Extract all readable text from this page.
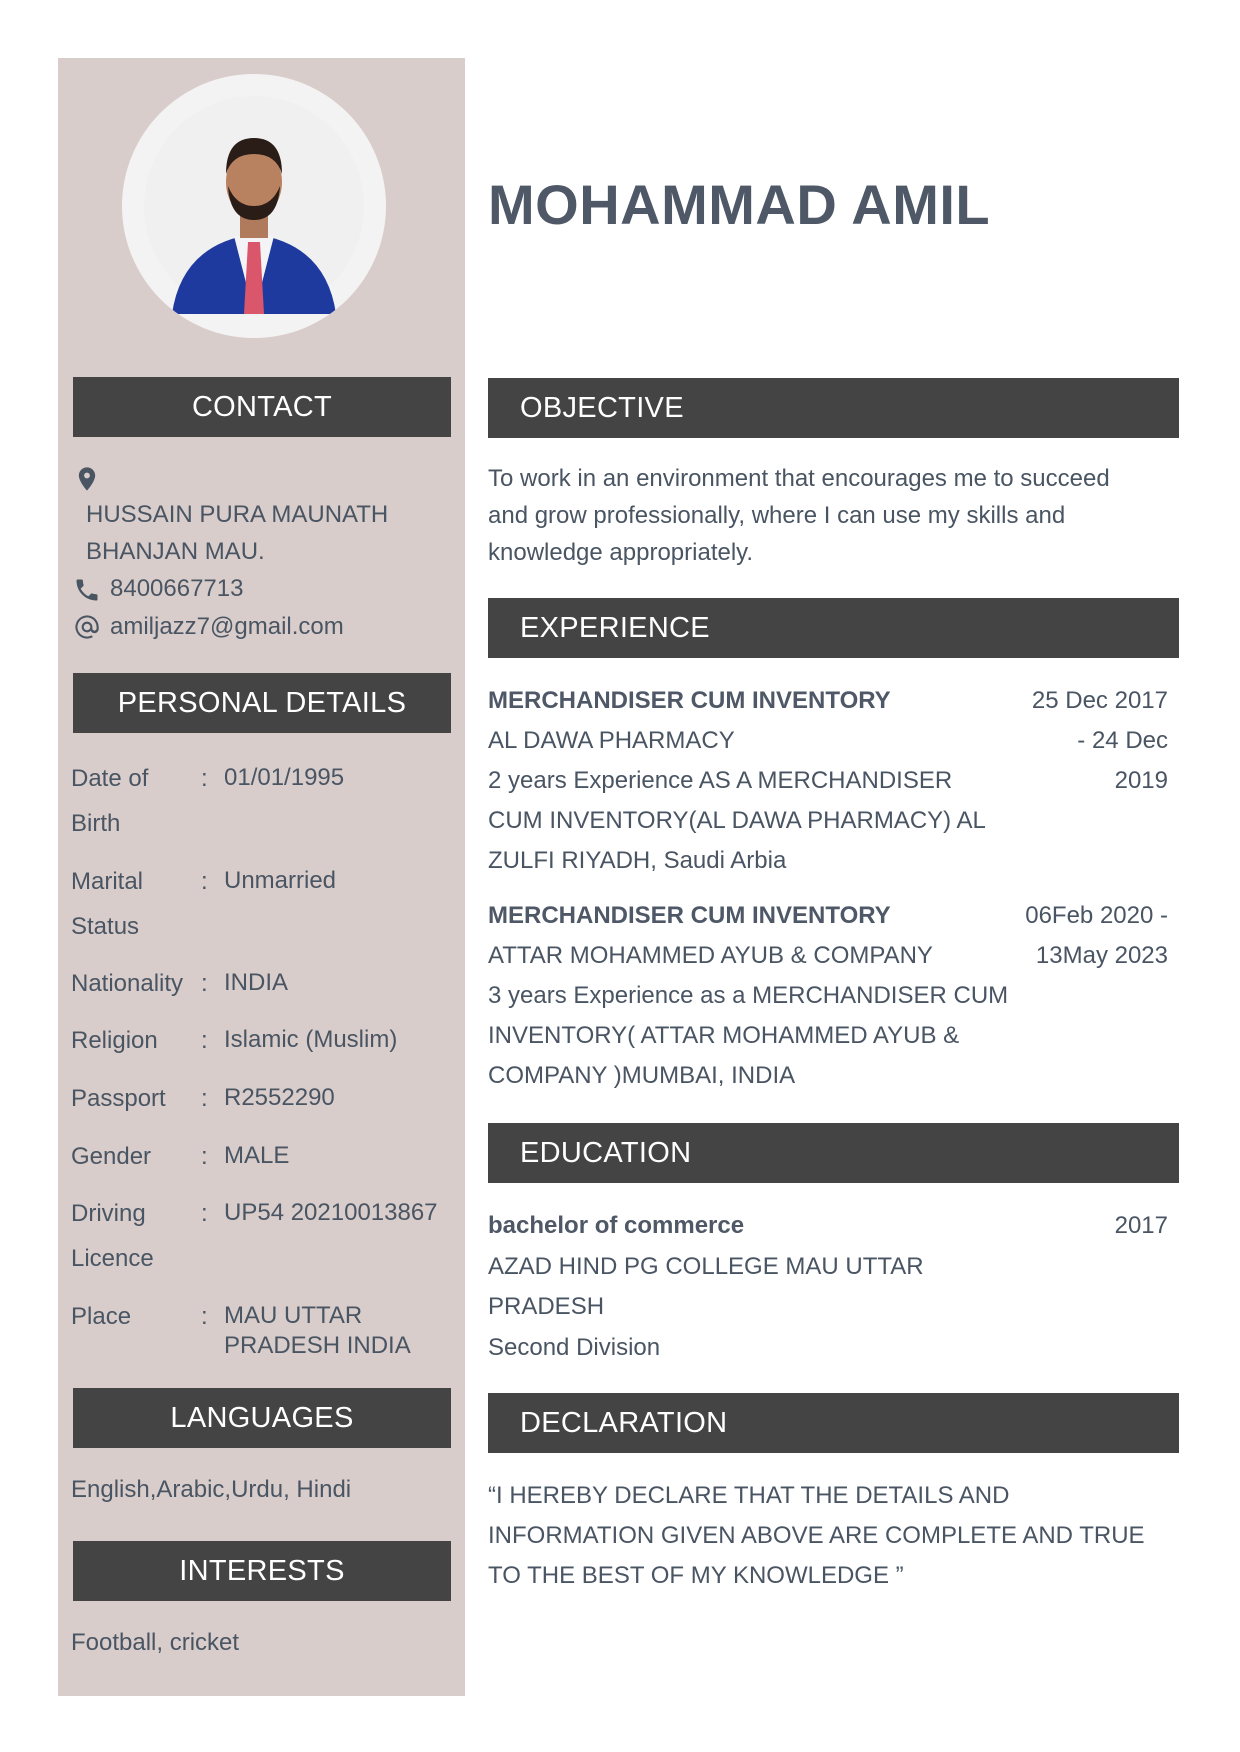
MOHAMMAD AMIL
CONTACT
HUSSAIN PURA MAUNATH
BHANJAN MAU.
8400667713
amiljazz7@gmail.com
PERSONAL DETAILS
Date of Birth
: 01/01/1995
Marital Status
: Unmarried
Nationality : INDIA
Religion	: Islamic (Muslim)
Passport	: R2552290
Gender	: MALE
Driving Licence
: UP54 20210013867
Place	: MAU UTTAR PRADESH INDIA
LANGUAGES
English,Arabic,Urdu, Hindi
INTERESTS
Football, cricket
OBJECTIVE
To work in an environment that encourages me to succeed
and grow professionally, where I can use my skills and
knowledge appropriately.
EXPERIENCE
MERCHANDISER CUM INVENTORY
AL DAWA PHARMACY
2 years Experience AS A MERCHANDISER
CUM INVENTORY(AL DAWA PHARMACY) AL
ZULFI RIYADH, Saudi Arbia
25 Dec 2017
- 24 Dec
2019
MERCHANDISER CUM INVENTORY
ATTAR MOHAMMED AYUB & COMPANY
3 years Experience as a MERCHANDISER CUM
INVENTORY( ATTAR MOHAMMED AYUB &
COMPANY )MUMBAI, INDIA
06Feb 2020 -
13May 2023
EDUCATION
bachelor of commerce	2017
AZAD HIND PG COLLEGE MAU UTTAR
PRADESH
Second Division
DECLARATION
“I HEREBY DECLARE THAT THE DETAILS AND
INFORMATION GIVEN ABOVE ARE COMPLETE AND TRUE
TO THE BEST OF MY KNOWLEDGE ”
